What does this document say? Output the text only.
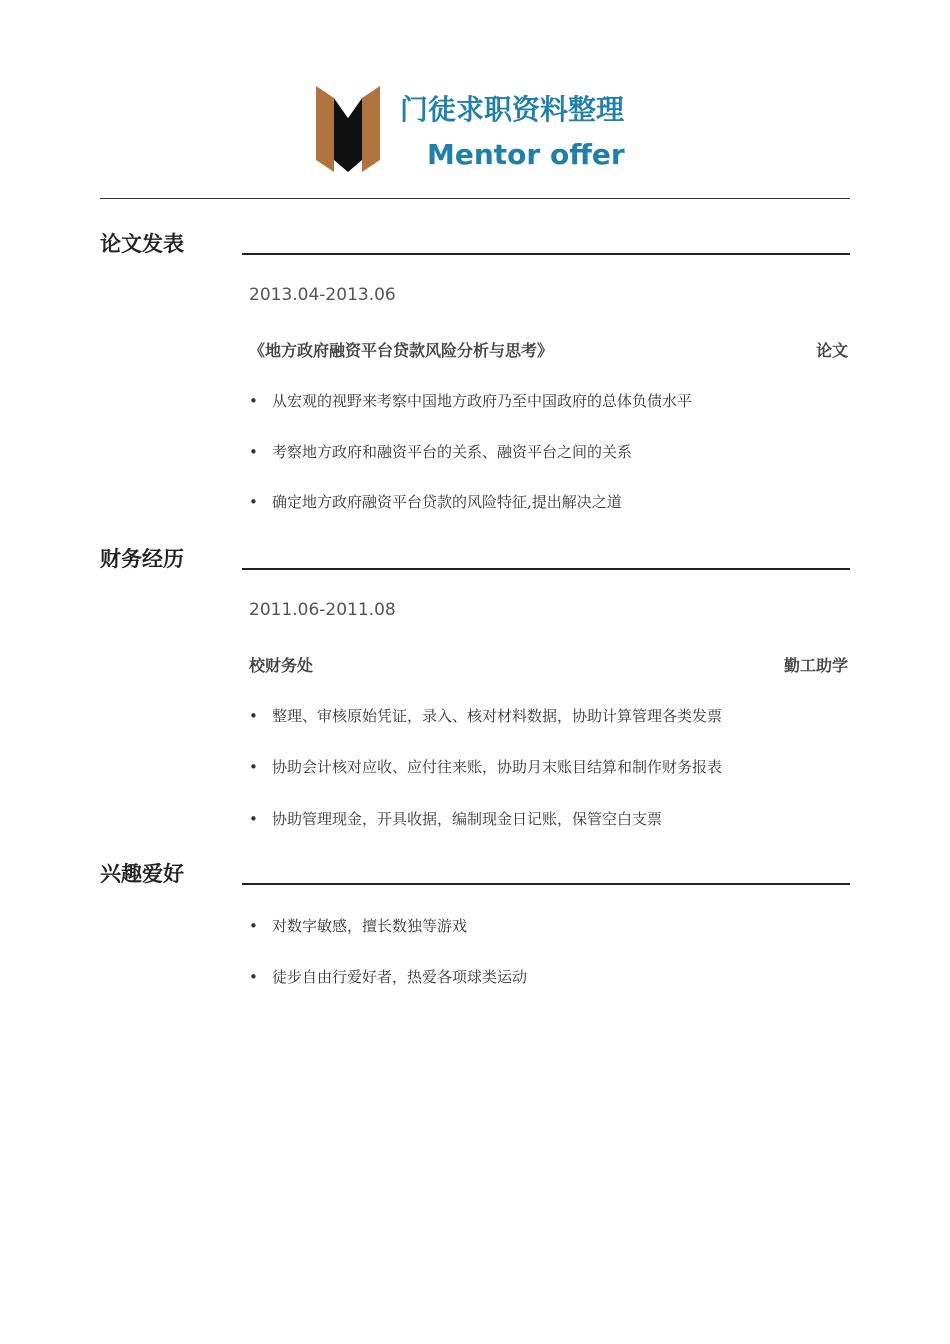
门徒求职资料整理
Mentor offer
论文发表
2013.04-2013.06
《地方政府融资平台贷款风险分析与思考》	论文
• 从宏观的视野来考察中国地方政府乃至中国政府的总体负债水平
• 考察地方政府和融资平台的关系、融资平台之间的关系
• 确定地方政府融资平台贷款的风险特征,提出解决之道
财务经历
2011.06-2011.08
校财务处	勤工助学
• 整理、审核原始凭证，录入、核对材料数据，协助计算管理各类发票
• 协助会计核对应收、应付往来账，协助月末账目结算和制作财务报表
• 协助管理现金，开具收据，编制现金日记账，保管空白支票
兴趣爱好
• 对数字敏感，擅长数独等游戏
• 徒步自由行爱好者，热爱各项球类运动
